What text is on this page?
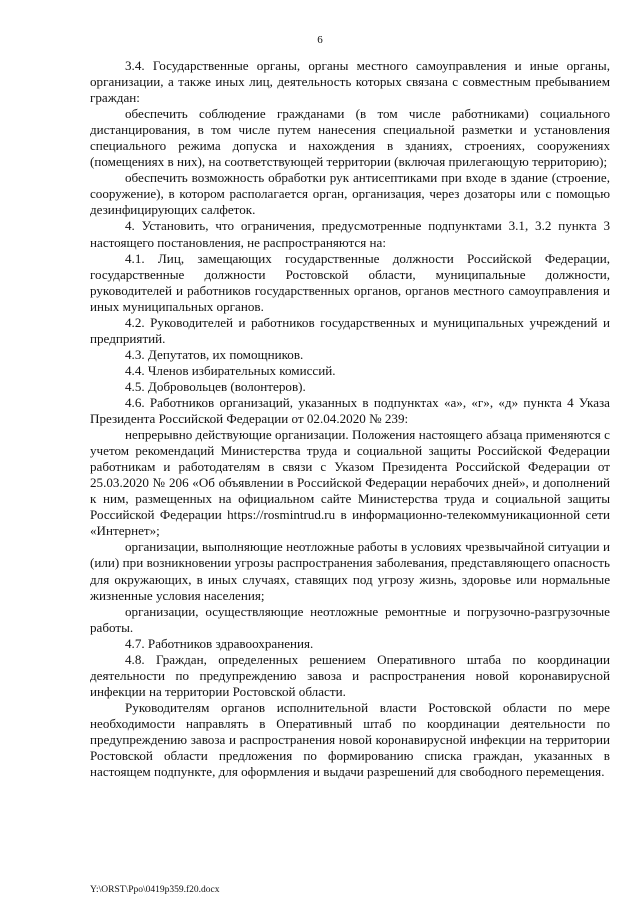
6

3.4. Государственные органы, органы местного самоуправления и иные органы, организации, а также иных лиц, деятельность которых связана с совместным пребыванием граждан:

обеспечить соблюдение гражданами (в том числе работниками) социального дистанцирования, в том числе путем нанесения специальной разметки и установления специального режима допуска и нахождения в зданиях, строениях, сооружениях (помещениях в них), на соответствующей территории (включая прилегающую территорию);

обеспечить возможность обработки рук антисептиками при входе в здание (строение, сооружение), в котором располагается орган, организация, через дозаторы или с помощью дезинфицирующих салфеток.

4. Установить, что ограничения, предусмотренные подпунктами 3.1, 3.2 пункта 3 настоящего постановления, не распространяются на:

4.1. Лиц, замещающих государственные должности Российской Федерации, государственные должности Ростовской области, муниципальные должности, руководителей и работников государственных органов, органов местного самоуправления и иных муниципальных органов.

4.2. Руководителей и работников государственных и муниципальных учреждений и предприятий.

4.3. Депутатов, их помощников.

4.4. Членов избирательных комиссий.

4.5. Добровольцев (волонтеров).

4.6. Работников организаций, указанных в подпунктах «а», «г», «д» пункта 4 Указа Президента Российской Федерации от 02.04.2020 № 239:

непрерывно действующие организации. Положения настоящего абзаца применяются с учетом рекомендаций Министерства труда и социальной защиты Российской Федерации работникам и работодателям в связи с Указом Президента Российской Федерации от 25.03.2020 № 206 «Об объявлении в Российской Федерации нерабочих дней», и дополнений к ним, размещенных на официальном сайте Министерства труда и социальной защиты Российской Федерации https://rosmintrud.ru в информационно-телекоммуникационной сети «Интернет»;

организации, выполняющие неотложные работы в условиях чрезвычайной ситуации и (или) при возникновении угрозы распространения заболевания, представляющего опасность для окружающих, в иных случаях, ставящих под угрозу жизнь, здоровье или нормальные жизненные условия населения;

организации, осуществляющие неотложные ремонтные и погрузочно-разгрузочные работы.

4.7. Работников здравоохранения.

4.8. Граждан, определенных решением Оперативного штаба по координации деятельности по предупреждению завоза и распространения новой коронавирусной инфекции на территории Ростовской области.

Руководителям органов исполнительной власти Ростовской области по мере необходимости направлять в Оперативный штаб по координации деятельности по предупреждению завоза и распространения новой коронавирусной инфекции на территории Ростовской области предложения по формированию списка граждан, указанных в настоящем подпункте, для оформления и выдачи разрешений для свободного перемещения.

Y:\ORST\Ppo\0419p359.f20.docx
